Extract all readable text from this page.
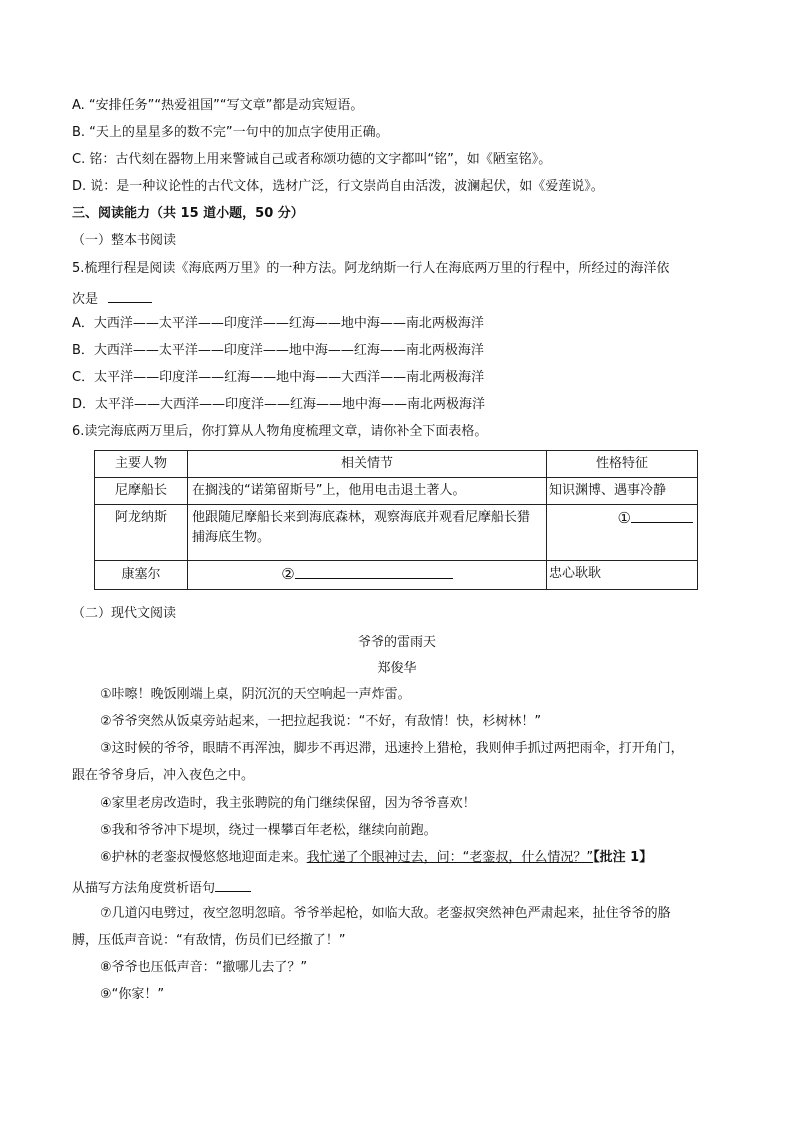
A. “安排任务”“热爱祖国”“写文章”都是动宾短语。
B. “天上的星星多的数不完”一句中的加点字使用正确。
C. 铭：古代刻在器物上用来警诫自己或者称颂功德的文字都叫“铭”，如《陋室铭》。
D. 说：是一种议论性的古代文体，选材广泛，行文崇尚自由活泼，波澜起伏，如《爱莲说》。
三、阅读能力（共 15 道小题，50 分）
（一）整本书阅读
5.梳理行程是阅读《海底两万里》的一种方法。阿龙纳斯一行人在海底两万里的行程中，所经过的海洋依
次是
A．大西洋——太平洋——印度洋——红海——地中海——南北两极海洋
B．大西洋——太平洋——印度洋——地中海——红海——南北两极海洋
C．太平洋——印度洋——红海——地中海——大西洋——南北两极海洋
D．太平洋——大西洋——印度洋——红海——地中海——南北两极海洋
6.读完海底两万里后，你打算从人物角度梳理文章，请你补全下面表格。
主要人物	相关情节	性格特征
尼摩船长	在搁浅的“诺第留斯号”上，他用电击退土著人。	知识渊博、遇事冷静
阿龙纳斯	他跟随尼摩船长来到海底森林，观察海底并观看尼摩船长猎捕海底生物。	①
康塞尔	②	忠心耿耿
（二）现代文阅读
爷爷的雷雨天
郑俊华
①咔嚓！晚饭刚端上桌，阴沉沉的天空响起一声炸雷。
②爷爷突然从饭桌旁站起来，一把拉起我说：“不好，有敌情！快，杉树林！”
③这时候的爷爷，眼睛不再浑浊，脚步不再迟滞，迅速拎上猎枪，我则伸手抓过两把雨伞，打开角门，
跟在爷爷身后，冲入夜色之中。
④家里老房改造时，我主张聘院的角门继续保留，因为爷爷喜欢！
⑤我和爷爷冲下堤坝，绕过一棵攀百年老松，继续向前跑。
⑥护林的老銮叔慢悠悠地迎面走来。我忙递了个眼神过去，问：“老銮叔，什么情况？”【批注 1】
从描写方法角度赏析语句
⑦几道闪电劈过，夜空忽明忽暗。爷爷举起枪，如临大敌。老銮叔突然神色严肃起来，扯住爷爷的胳
膊，压低声音说：“有敌情，伤员们已经撤了！”
⑧爷爷也压低声音：“撤哪儿去了？”
⑨“你家！”
